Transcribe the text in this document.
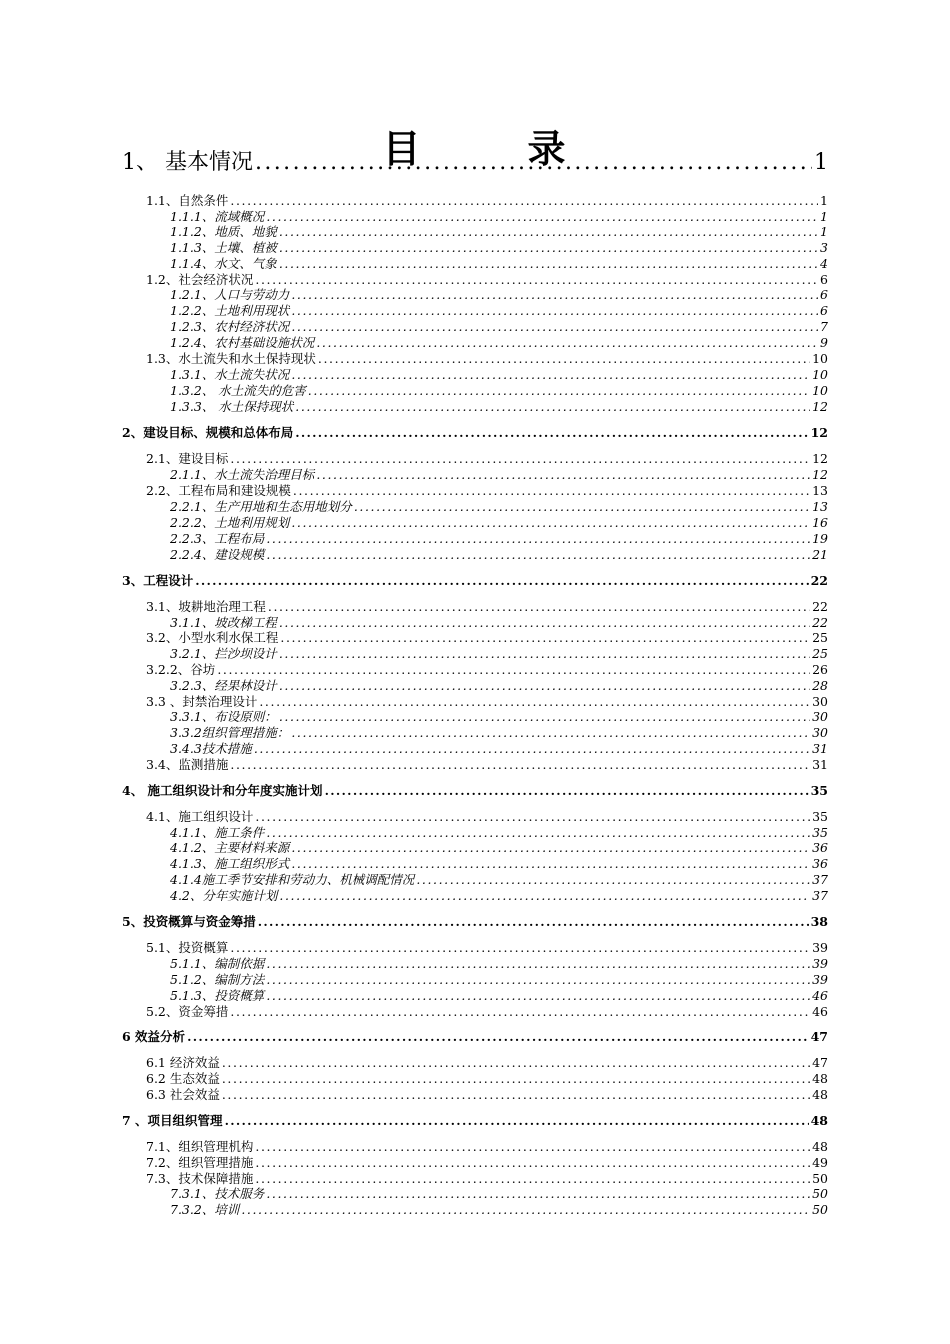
目	录
1、 基本情况 .....	1
1.1、自然条件 .....	1
1.1.1、流域概况 .....	1
1.1.2、地质、地貌 .....	1
1.1.3、土壤、植被 .....	3
1.1.4、水文、气象 .....	4
1.2、社会经济状况 .....	6
1.2.1、人口与劳动力 .....	6
1.2.2、土地利用现状 .....	6
1.2.3、农村经济状况 .....	7
1.2.4、农村基础设施状况 .....	9
1.3、水土流失和水土保持现状 .....	10
1.3.1、水土流失状况 .....	10
1.3.2、 水土流失的危害 .....	10
1.3.3、 水土保持现状 .....	12
2、建设目标、规模和总体布局 .....	12
2.1、建设目标 .....	12
2.1.1、水土流失治理目标 .....	12
2.2、工程布局和建设规模 .....	13
2.2.1、生产用地和生态用地划分 .....	13
2.2.2、土地利用规划 .....	16
2.2.3、工程布局 .....	19
2.2.4、建设规模 .....	21
3、工程设计 .....	22
3.1、坡耕地治理工程 .....	22
3.1.1、坡改梯工程 .....	22
3.2、小型水利水保工程 .....	25
3.2.1、拦沙坝设计 .....	25
3.2.2、谷坊 .....	26
3.2.3、经果林设计 .....	28
3.3 、封禁治理设计 .....	30
3.3.1、布设原则： .....	30
3.3.2组织管理措施： .....	30
3.4.3技术措施 .....	31
3.4、监测措施 .....	31
4、 施工组织设计和分年度实施计划 .....	35
4.1、施工组织设计 .....	35
4.1.1、施工条件 .....	35
4.1.2、主要材料来源 .....	36
4.1.3、施工组织形式 .....	36
4.1.4施工季节安排和劳动力、机械调配情况 .....	37
4.2、分年实施计划 .....	37
5、投资概算与资金筹措 .....	38
5.1、投资概算 .....	39
5.1.1、编制依据 .....	39
5.1.2、编制方法 .....	39
5.1.3、投资概算 .....	46
5.2、资金筹措 .....	46
6 效益分析 .....	47
6.1 经济效益 .....	47
6.2 生态效益 .....	48
6.3 社会效益 .....	48
7 、项目组织管理 .....	48
7.1、组织管理机构 .....	48
7.2、组织管理措施 .....	49
7.3、技术保障措施 .....	50
7.3.1、技术服务 .....	50
7.3.2、培训 .....	50
